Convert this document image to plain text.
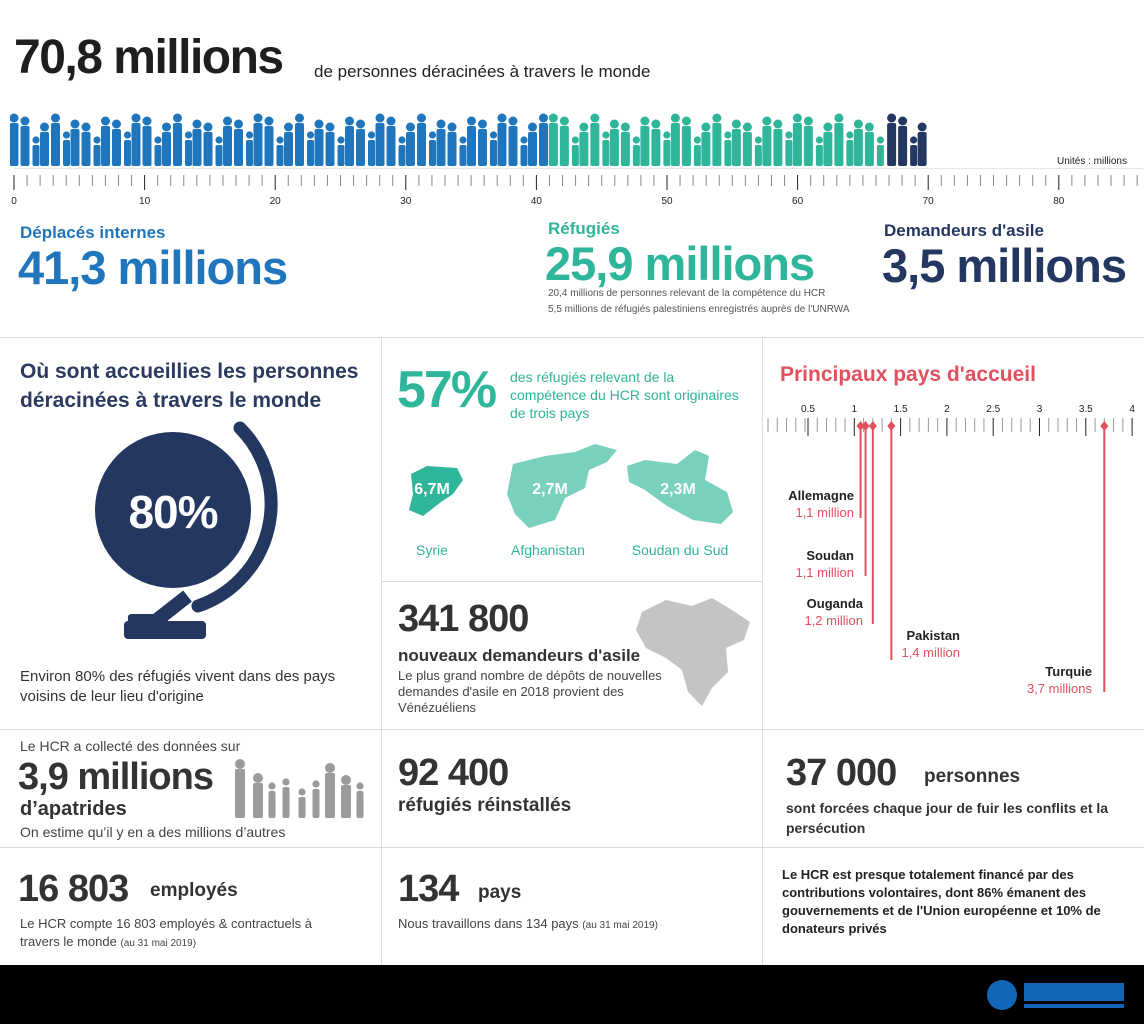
70,8 millions de personnes déracinées à travers le monde
Unités : millions
0	10	20	30	40	50	60	70	80
Déplacés internes
41,3 millions
Réfugiés
25,9 millions
20,4 millions de personnes relevant de la compétence du HCR
5,5 millions de réfugiés palestiniens enregistrés auprès de l'UNRWA
Demandeurs d'asile
3,5 millions
Où sont accueillies les personnes déracinées à travers le monde
80%
Environ 80% des réfugiés vivent dans des pays voisins de leur lieu d'origine
57% des réfugiés relevant de la compétence du HCR sont originaires de trois pays
6,7M	2,7M	2,3M
Syrie	Afghanistan	Soudan du Sud
341 800
nouveaux demandeurs d'asile
Le plus grand nombre de dépôts de nouvelles demandes d'asile en 2018 provient des Vénézuéliens
Principaux pays d'accueil
0.5	1	1.5	2	2.5	3	3.5	4
Allemagne
1,1 million
Soudan
1,1 million
Ouganda
1,2 million
Pakistan
1,4 million
Turquie
3,7 millions
Le HCR a collecté des données sur
3,9 millions
d’apatrides
On estime qu’il y en a des millions d’autres
92 400
réfugiés réinstallés
37 000 personnes
sont forcées chaque jour de fuir les conflits et la persécution
16 803 employés
Le HCR compte 16 803 employés & contractuels à travers le monde (au 31 mai 2019)
134 pays
Nous travaillons dans 134 pays (au 31 mai 2019)
Le HCR est presque totalement financé par des contributions volontaires, dont 86% émanent des gouvernements et de l'Union européenne et 10% de donateurs privés
